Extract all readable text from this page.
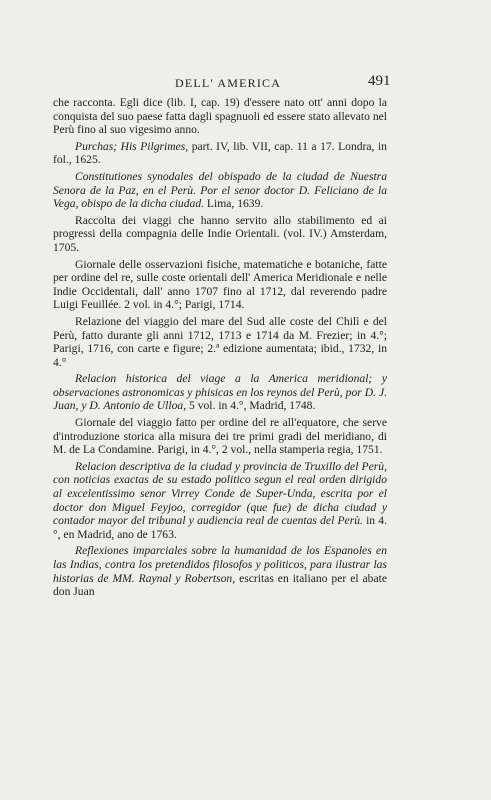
DELL' AMERICA	491

che racconta. Egli dice (lib. I, cap. 19) d'essere nato ott' anni dopo la conquista del suo paese fatta dagli spagnuoli ed essere stato allevato nel Perù fino al suo vigesimo anno.

Purchas; His Pilgrimes, part. IV, lib. VII, cap. 11 a 17. Londra, in fol., 1625.

Constitutiones synodales del obispado de la ciudad de Nuestra Senora de la Paz, en el Perù. Por el senor doctor D. Feliciano de la Vega, obispo de la dicha ciudad. Lima, 1639.

Raccolta dei viaggi che hanno servito allo stabilimento ed ai progressi della compagnia delle Indie Orientali. (vol. IV.) Amsterdam, 1705.

Giornale delle osservazioni fisiche, matematiche e botaniche, fatte per ordine del re, sulle coste orientali dell' America Meridionale e nelle Indie Occidentali, dall' anno 1707 fino al 1712, dal reverendo padre Luigi Feuillée. 2 vol. in 4.°; Parigi, 1714.

Relazione del viaggio del mare del Sud alle coste del Chilì e del Perù, fatto durante gli anni 1712, 1713 e 1714 da M. Frezier; in 4.°; Parigi, 1716, con carte e figure; 2.ª edizione aumentata; ibid., 1732, in 4.°

Relacion historica del viage a la America meridional; y observaciones astronomicas y phisicas en los reynos del Perù, por D. J. Juan, y D. Antonio de Ulloa, 5 vol. in 4.°, Madrid, 1748.

Giornale del viaggio fatto per ordine del re all'equatore, che serve d'introduzione storica alla misura dei tre primi gradi del meridiano, di M. de La Condamine. Parigi, in 4.°, 2 vol., nella stamperia regia, 1751.

Relacion descriptiva de la ciudad y provincia de Truxillo del Perù, con noticias exactas de su estado politico segun el real orden dirigido al excelentissimo senor Virrey Conde de Super-Unda, escrita por el doctor don Miguel Feyjoo, corregidor (que fue) de dicha ciudad y contador mayor del tribunal y audiencia real de cuentas del Perù. in 4.°, en Madrid, ano de 1763.

Reflexiones imparciales sobre la humanidad de los Espanoles en las Indias, contra los pretendidos filosofos y politicos, para ilustrar las historias de MM. Raynal y Robertson, escritas en italiano per el abate don Juan
